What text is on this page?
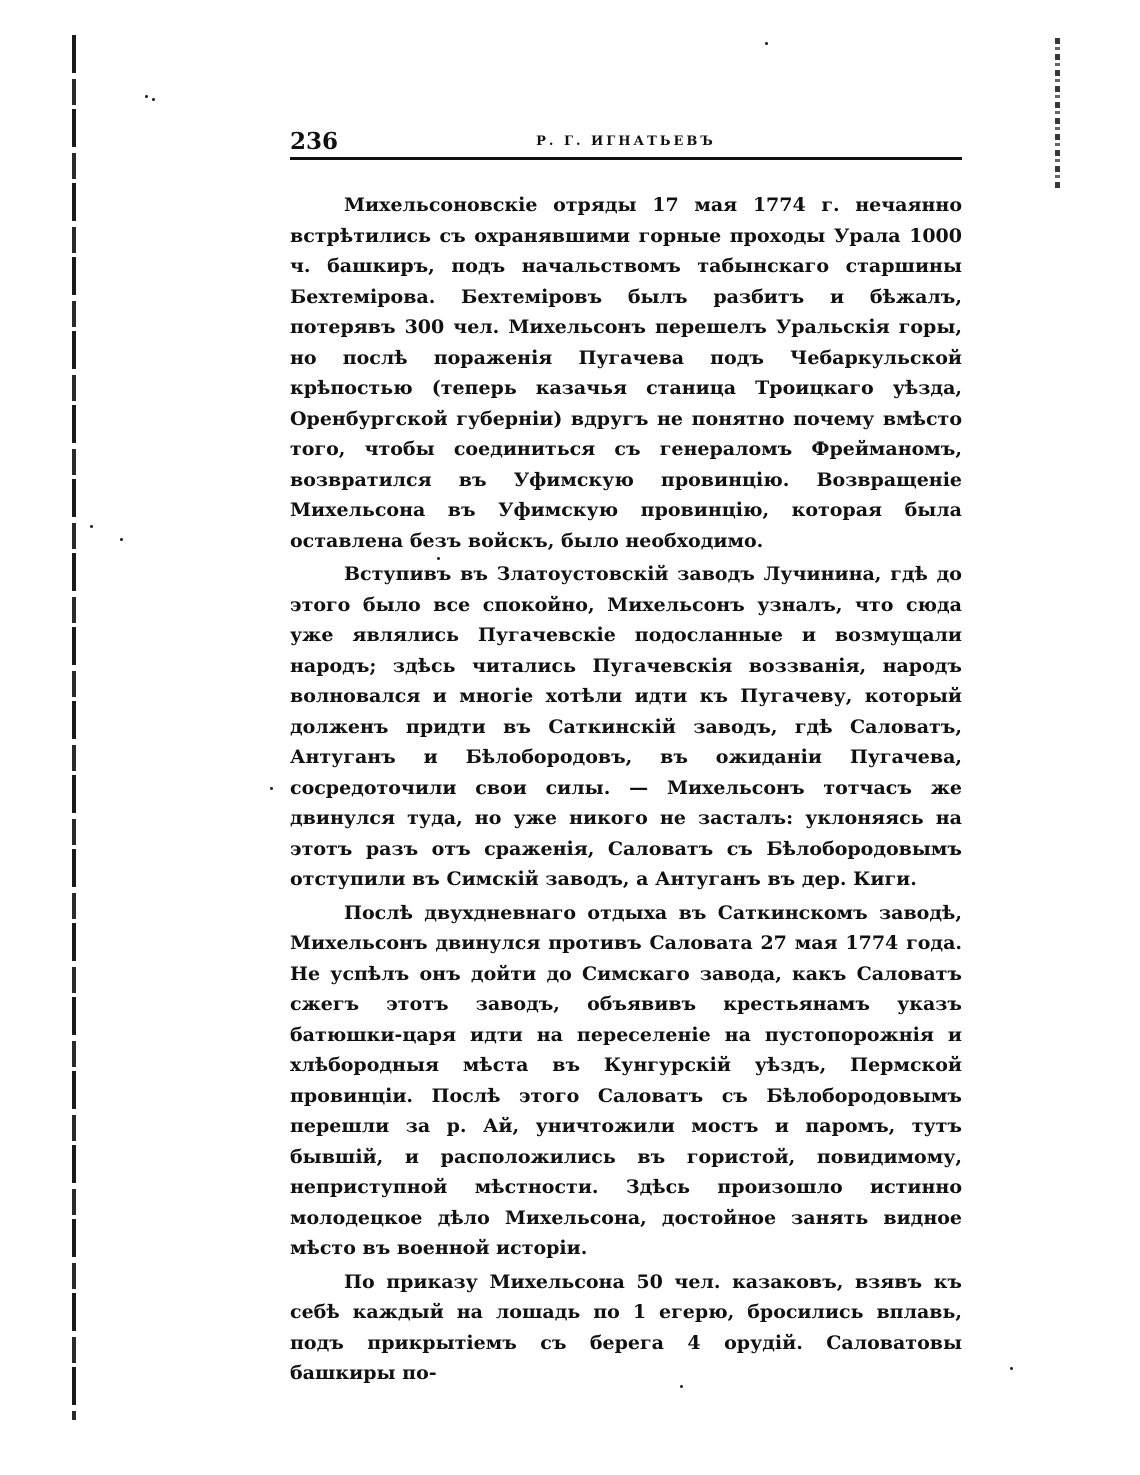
236	Р. Г. ИГНАТЬЕВЪ

Михельсоновскіе отряды 17 мая 1774 г. нечаянно встрѣтились съ охранявшими горные проходы Урала 1000 ч. башкиръ, подъ начальствомъ табынскаго старшины Бехтемірова. Бехтеміровъ былъ разбитъ и бѣжалъ, потерявъ 300 чел. Михельсонъ перешелъ Уральскія горы, но послѣ пораженія Пугачева подъ Чебаркульской крѣпостью (теперь казачья станица Троицкаго уѣзда, Оренбургской губерніи) вдругъ не понятно почему вмѣсто того, чтобы соединиться съ генераломъ Фрейманомъ, возвратился въ Уфимскую провинцію. Возвращеніе Михельсона въ Уфимскую провинцію, которая была оставлена безъ войскъ, было необходимо.

Вступивъ въ Златоустовскій заводъ Лучинина, гдѣ до этого было все спокойно, Михельсонъ узналъ, что сюда уже являлись Пугачевскіе подосланные и возмущали народъ; здѣсь читались Пугачевскія воззванія, народъ волновался и многіе хотѣли идти къ Пугачеву, который долженъ придти въ Саткинскій заводъ, гдѣ Саловатъ, Антуганъ и Бѣлобородовъ, въ ожиданіи Пугачева, сосредоточили свои силы. — Михельсонъ тотчасъ же двинулся туда, но уже никого не засталъ: уклоняясь на этотъ разъ отъ сраженія, Саловатъ съ Бѣлобородовымъ отступили въ Симскій заводъ, а Антуганъ въ дер. Киги.

Послѣ двухдневнаго отдыха въ Саткинскомъ заводѣ, Михельсонъ двинулся противъ Саловата 27 мая 1774 года. Не успѣлъ онъ дойти до Симскаго завода, какъ Саловатъ сжегъ этотъ заводъ, объявивъ крестьянамъ указъ батюшки-царя идти на переселеніе на пустопорожнія и хлѣбородныя мѣста въ Кунгурскій уѣздъ, Пермской провинціи. Послѣ этого Саловатъ съ Бѣлобородовымъ перешли за р. Ай, уничтожили мостъ и паромъ, тутъ бывшій, и расположились въ гористой, повидимому, неприступной мѣстности. Здѣсь произошло истинно молодецкое дѣло Михельсона, достойное занять видное мѣсто въ военной исторіи.

По приказу Михельсона 50 чел. казаковъ, взявъ къ себѣ каждый на лошадь по 1 егерю, бросились вплавь, подъ прикрытіемъ съ берега 4 орудій. Саловатовы башкиры по-
